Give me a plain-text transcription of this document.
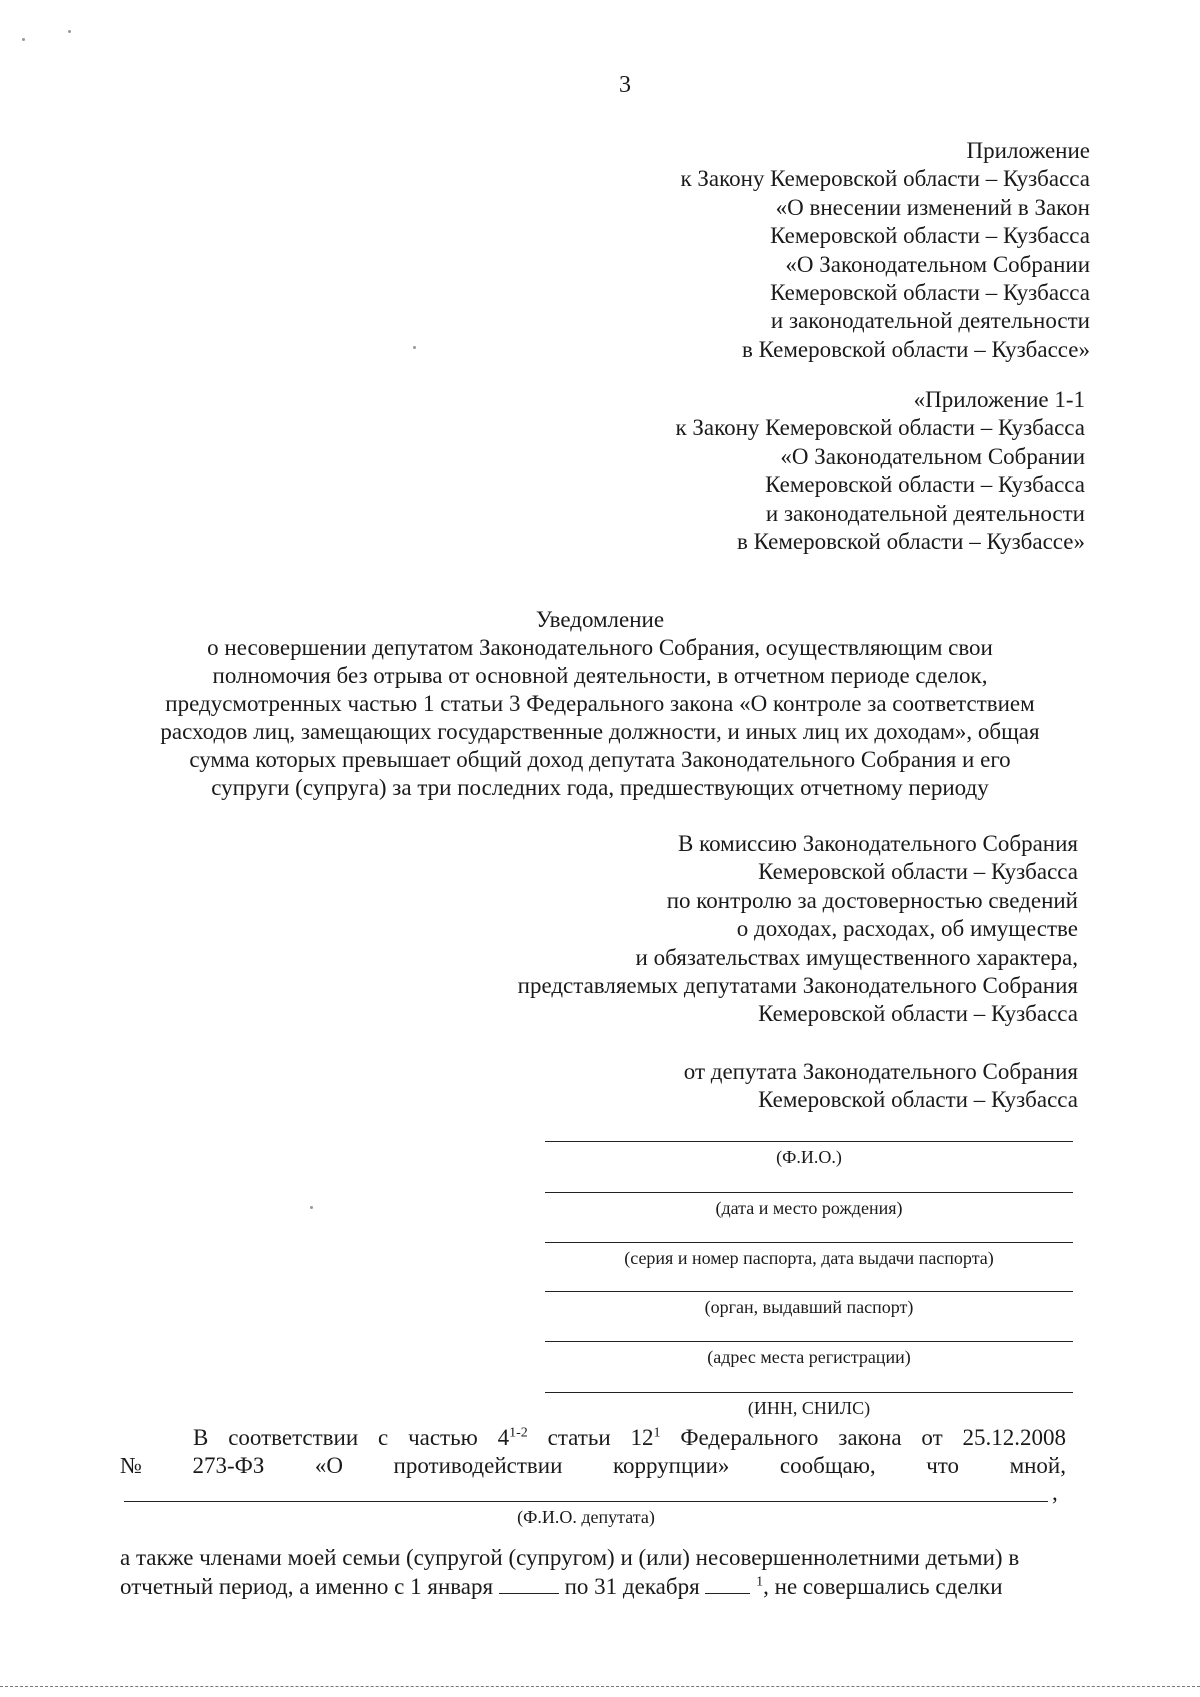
3
Приложение
к Закону Кемеровской области – Кузбасса
«О внесении изменений в Закон
Кемеровской области – Кузбасса
«О Законодательном Собрании
Кемеровской области – Кузбасса
и законодательной деятельности
в Кемеровской области – Кузбассе»
«Приложение 1-1
к Закону Кемеровской области – Кузбасса
«О Законодательном Собрании
Кемеровской области – Кузбасса
и законодательной деятельности
в Кемеровской области – Кузбассе»
Уведомление
о несовершении депутатом Законодательного Собрания, осуществляющим свои
полномочия без отрыва от основной деятельности, в отчетном периоде сделок,
предусмотренных частью 1 статьи 3 Федерального закона «О контроле за соответствием
расходов лиц, замещающих государственные должности, и иных лиц их доходам», общая
сумма которых превышает общий доход депутата Законодательного Собрания и его
супруги (супруга) за три последних года, предшествующих отчетному периоду
В комиссию Законодательного Собрания
Кемеровской области – Кузбасса
по контролю за достоверностью сведений
о доходах, расходах, об имуществе
и обязательствах имущественного характера,
представляемых депутатами Законодательного Собрания
Кемеровской области – Кузбасса
от депутата Законодательного Собрания
Кемеровской области – Кузбасса
(Ф.И.О.)
(дата и место рождения)
(серия и номер паспорта, дата выдачи паспорта)
(орган, выдавший паспорт)
(адрес места регистрации)
(ИНН, СНИЛС)
В соответствии с частью 4$^{1-2}$ статьи $12^1$ Федерального закона от 25.12.2008
№ 273-ФЗ «О противодействии коррупции» сообщаю, что мной,
(Ф.И.О. депутата)
,
а также членами моей семьи (супругой (супругом) и (или) несовершеннолетними детьми) в
отчетный период, а именно с 1 января	по 31 декабря	$^1$, не совершались сделки
